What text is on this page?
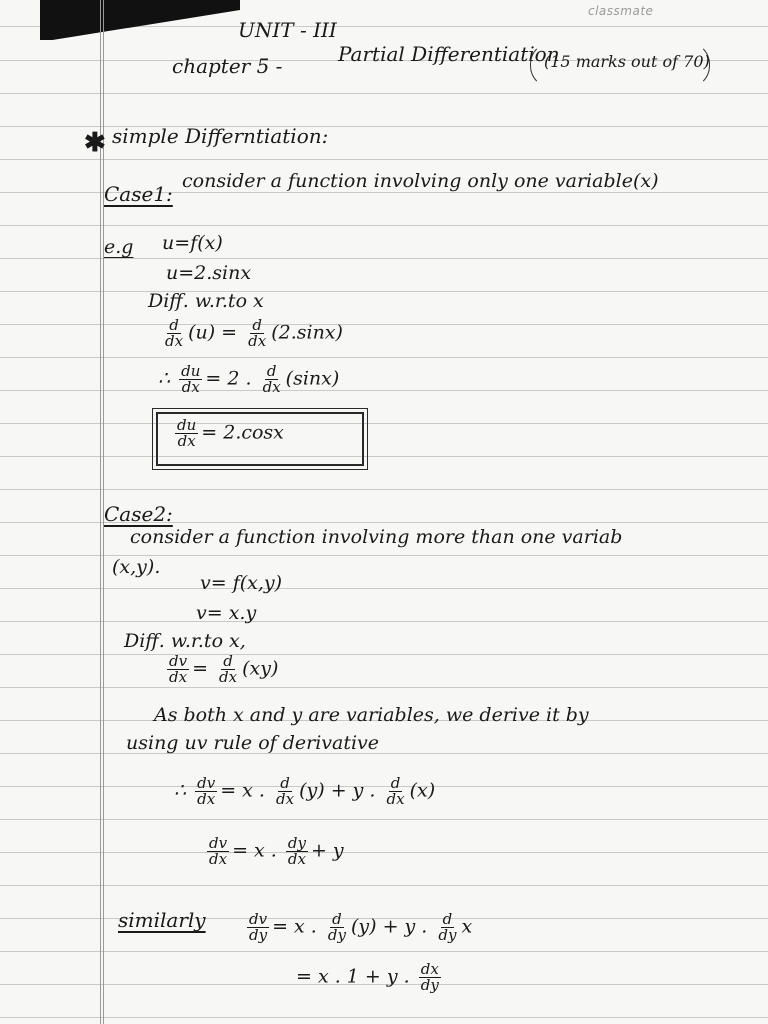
classmate
UNIT - III
chapter 5 -	Partial Differentiation
(15 marks out of 70)
✱ simple Differntiation:
Case1:
consider a function involving only one variable(x)
e.g u=f(x)
u=2.sinx
Diff. w.r.to x
$\frac{d}{dx} (u) = \frac{d}{dx} (2.\sin x)$
∴ $\frac{du}{dx} = 2$ . $\frac{d}{dx} (\sin x)$
$\frac{du}{dx} = 2.\cos x$
Case2:
consider a function involving more than one variab
(x,y).
v= f(x,y)
v= x.y
Diff. w.r.to x,
$\frac{dv}{dx} = \frac{d}{dx} (xy)$
As both x and y are variables, we derive it by
using uv rule of derivative
∴ $\frac{dv}{dx} = x$ . $\frac{d}{dx} (y) + y$ . $\frac{d}{dx} (x)$
$\frac{dv}{dx} = x$ . $\frac{dy}{dx} + y$
similarly	$\frac{dv}{dy} = x$ . $\frac{d}{dy} (y) + y$ . $\frac{d}{dy}$ x
= x . 1 + y . $\frac{dx}{dy}$
